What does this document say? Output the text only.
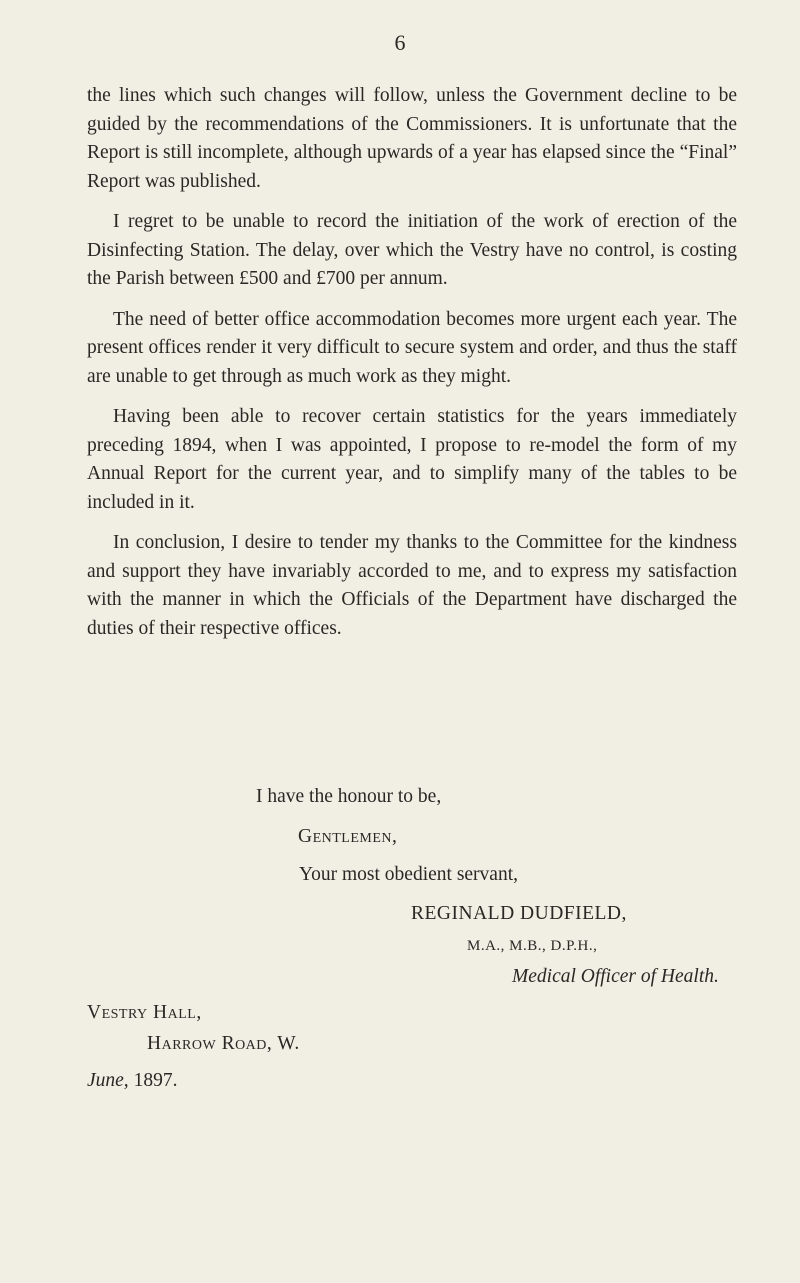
6

the lines which such changes will follow, unless the Government decline to be guided by the recommendations of the Commissioners. It is unfortunate that the Report is still incomplete, although upwards of a year has elapsed since the “Final” Report was published.

I regret to be unable to record the initiation of the work of erection of the Disinfecting Station. The delay, over which the Vestry have no control, is costing the Parish between £500 and £700 per annum.

The need of better office accommodation becomes more urgent each year. The present offices render it very difficult to secure system and order, and thus the staff are unable to get through as much work as they might.

Having been able to recover certain statistics for the years immediately preceding 1894, when I was appointed, I propose to re-model the form of my Annual Report for the current year, and to simplify many of the tables to be included in it.

In conclusion, I desire to tender my thanks to the Committee for the kindness and support they have invariably accorded to me, and to express my satisfaction with the manner in which the Officials of the Department have discharged the duties of their respective offices.

I have the honour to be,
Gentlemen,
Your most obedient servant,
REGINALD DUDFIELD,
M.A., M.B., D.P.H.,
Medical Officer of Health.
Vestry Hall,
Harrow Road, W.
June, 1897.
